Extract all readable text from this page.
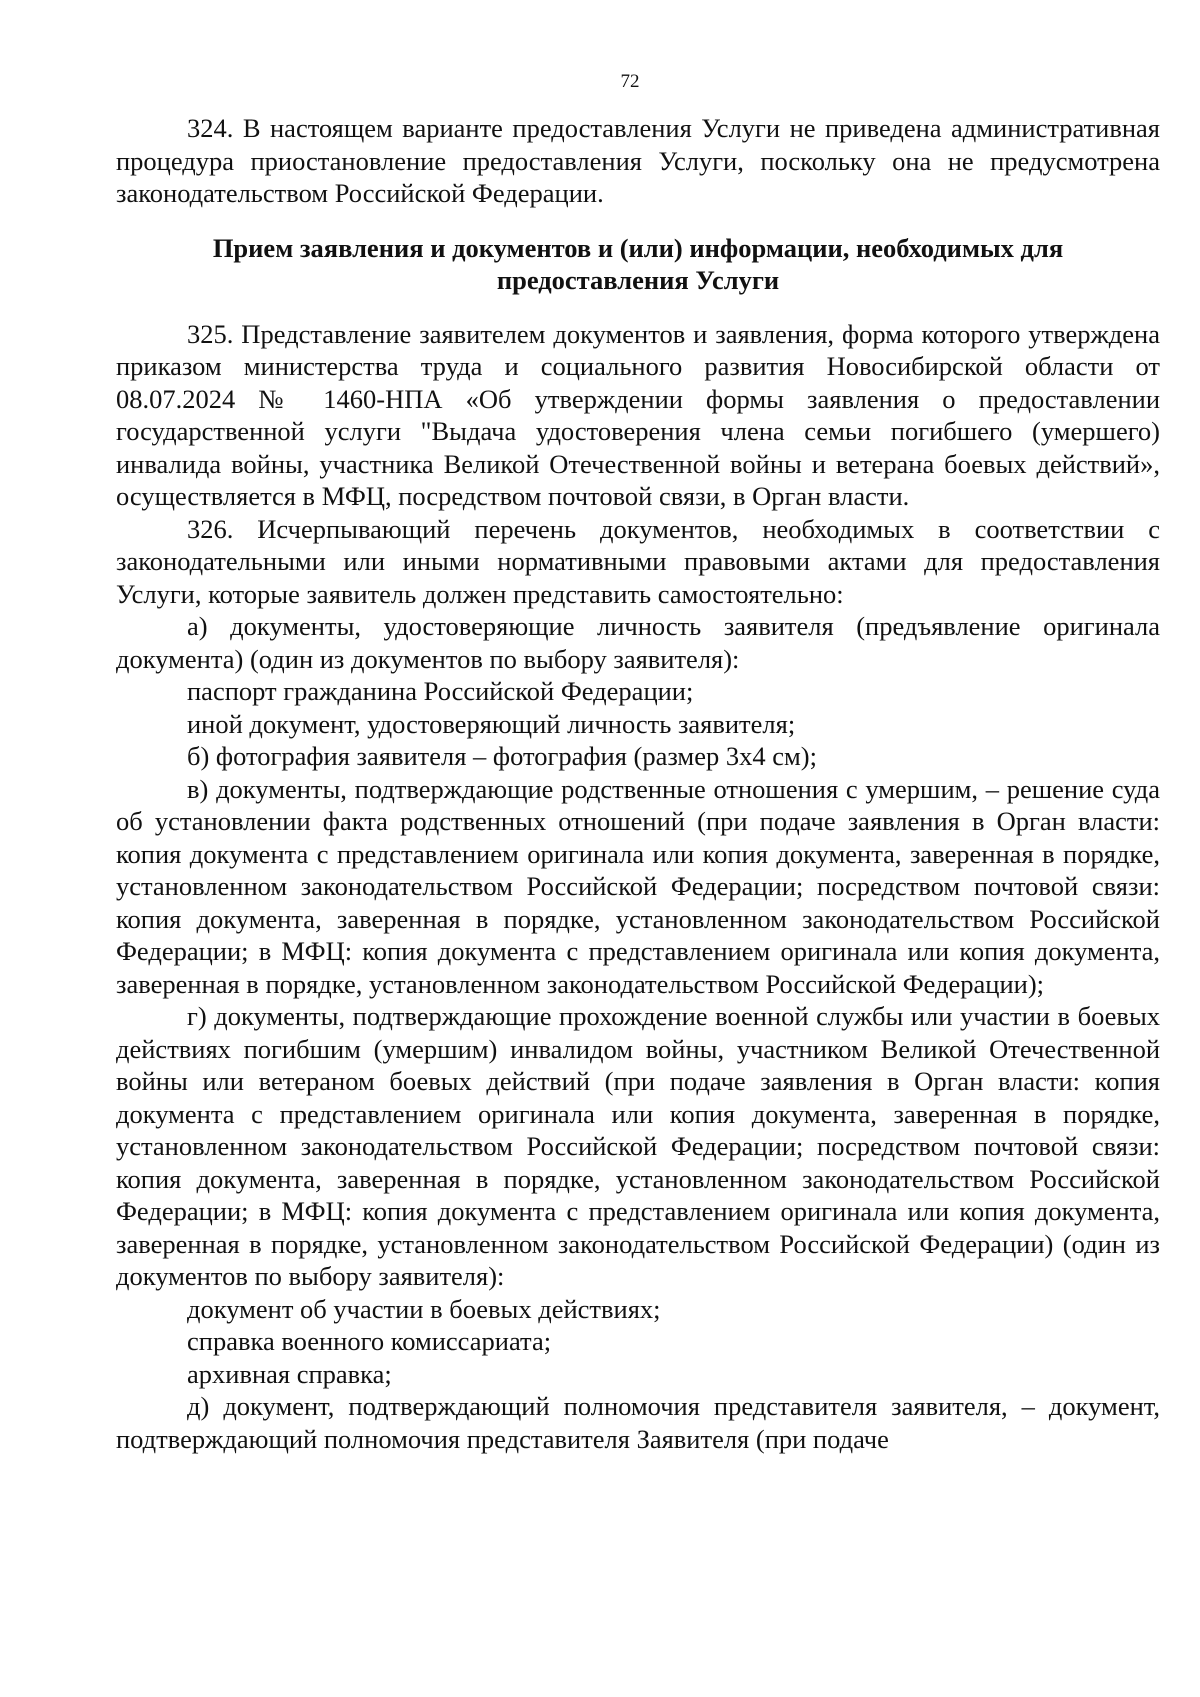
72

324. В настоящем варианте предоставления Услуги не приведена административная процедура приостановление предоставления Услуги, поскольку она не предусмотрена законодательством Российской Федерации.

Прием заявления и документов и (или) информации, необходимых для предоставления Услуги

325. Представление заявителем документов и заявления, форма которого утверждена приказом министерства труда и социального развития Новосибирской области от 08.07.2024 № 1460-НПА «Об утверждении формы заявления о предоставлении государственной услуги "Выдача удостоверения члена семьи погибшего (умершего) инвалида войны, участника Великой Отечественной войны и ветерана боевых действий», осуществляется в МФЦ, посредством почтовой связи, в Орган власти.

326. Исчерпывающий перечень документов, необходимых в соответствии с законодательными или иными нормативными правовыми актами для предоставления Услуги, которые заявитель должен представить самостоятельно:

а) документы, удостоверяющие личность заявителя (предъявление оригинала документа) (один из документов по выбору заявителя):

паспорт гражданина Российской Федерации;

иной документ, удостоверяющий личность заявителя;

б) фотография заявителя – фотография (размер 3х4 см);

в) документы, подтверждающие родственные отношения с умершим, – решение суда об установлении факта родственных отношений (при подаче заявления в Орган власти: копия документа с представлением оригинала или копия документа, заверенная в порядке, установленном законодательством Российской Федерации; посредством почтовой связи: копия документа, заверенная в порядке, установленном законодательством Российской Федерации; в МФЦ: копия документа с представлением оригинала или копия документа, заверенная в порядке, установленном законодательством Российской Федерации);

г) документы, подтверждающие прохождение военной службы или участии в боевых действиях погибшим (умершим) инвалидом войны, участником Великой Отечественной войны или ветераном боевых действий (при подаче заявления в Орган власти: копия документа с представлением оригинала или копия документа, заверенная в порядке, установленном законодательством Российской Федерации; посредством почтовой связи: копия документа, заверенная в порядке, установленном законодательством Российской Федерации; в МФЦ: копия документа с представлением оригинала или копия документа, заверенная в порядке, установленном законодательством Российской Федерации) (один из документов по выбору заявителя):

документ об участии в боевых действиях;

справка военного комиссариата;

архивная справка;

д) документ, подтверждающий полномочия представителя заявителя, – документ, подтверждающий полномочия представителя Заявителя (при подаче
